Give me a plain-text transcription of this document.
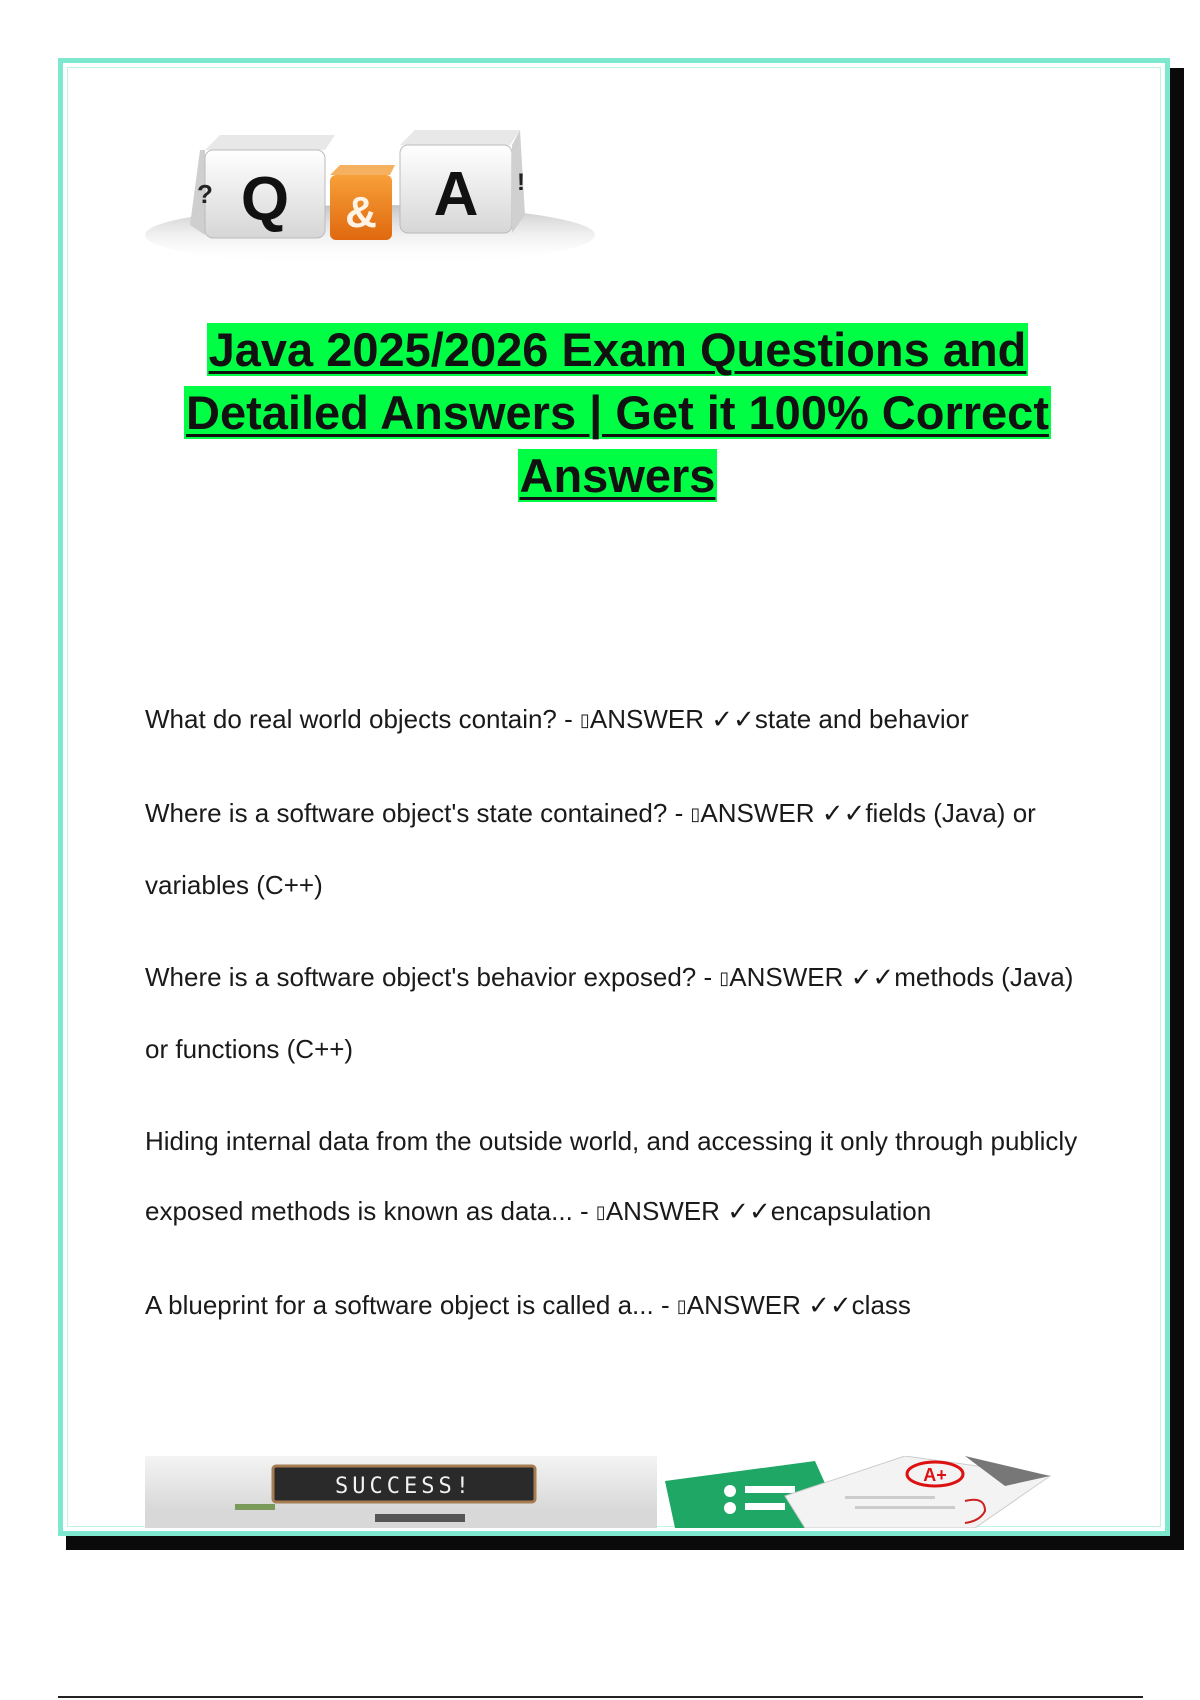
Q
?	& A !
Java 2025/2026 Exam Questions and
Detailed Answers | Get it 100% Correct
Answers
What do real world objects contain? - ▯ANSWER ✓✓state and behavior
Where is a software object's state contained? - ▯ANSWER ✓✓fields (Java) or variables (C++)
Where is a software object's behavior exposed? - ▯ANSWER ✓✓methods (Java) or functions (C++)
Hiding internal data from the outside world, and accessing it only through publicly exposed methods is known as data... - ▯ANSWER ✓✓encapsulation
A blueprint for a software object is called a... - ▯ANSWER ✓✓class
SUCCESS!	A+
